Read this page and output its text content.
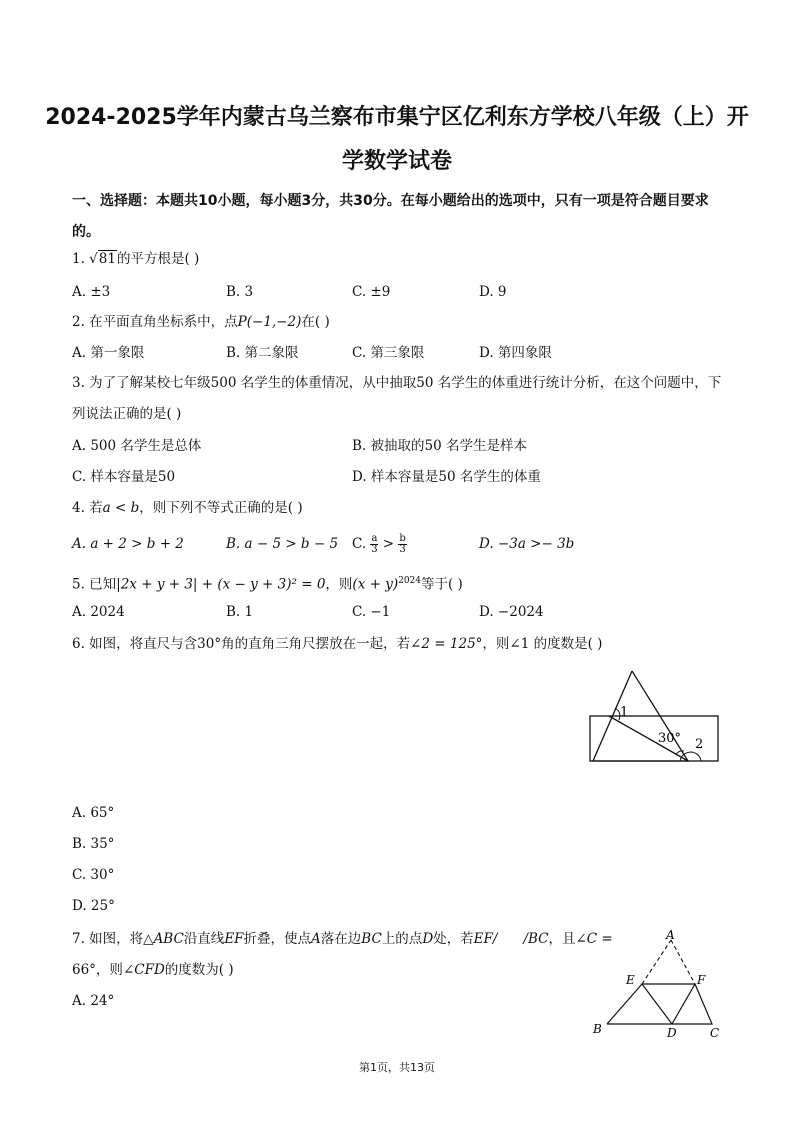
2024-2025学年内蒙古乌兰察布市集宁区亿利东方学校八年级（上）开
学数学试卷
一、选择题：本题共10小题，每小题3分，共30分。在每小题给出的选项中，只有一项是符合题目要求的。
1. √81的平方根是( )
A. ±3	B. 3	C. ±9	D. 9
2. 在平面直角坐标系中，点P(−1,−2)在( )
A. 第一象限	B. 第二象限	C. 第三象限	D. 第四象限
3. 为了了解某校七年级500 名学生的体重情况，从中抽取50 名学生的体重进行统计分析，在这个问题中，下列说法正确的是( )
A. 500 名学生是总体	B. 被抽取的50 名学生是样本
C. 样本容量是50	D. 样本容量是50 名学生的体重
4. 若a < b，则下列不等式正确的是( )
A. a + 2 > b + 2	B. a − 5 > b − 5 C. $\frac{a}{3} > \frac{b}{3}$	D. −3a >− 3b
5. 已知|2x + y + 3| + (x − y + 3)² = 0，则$(x + y)^{2024}$等于( )
A. 2024	B. 1	C. −1	D. −2024
6. 如图，将直尺与含30°角的直角三角尺摆放在一起，若∠2 = 125°，则∠1 的度数是( )
1
30° 2
A. 65°
B. 35°
C. 30°
D. 25°
7. 如图，将△ABC沿直线EF折叠，使点A落在边BC上的点D处，若EF/ /BC，且∠C =
66°，则∠CFD的度数为( )
A. 24°
A
E	F
B	D	C
第1页，共13页
